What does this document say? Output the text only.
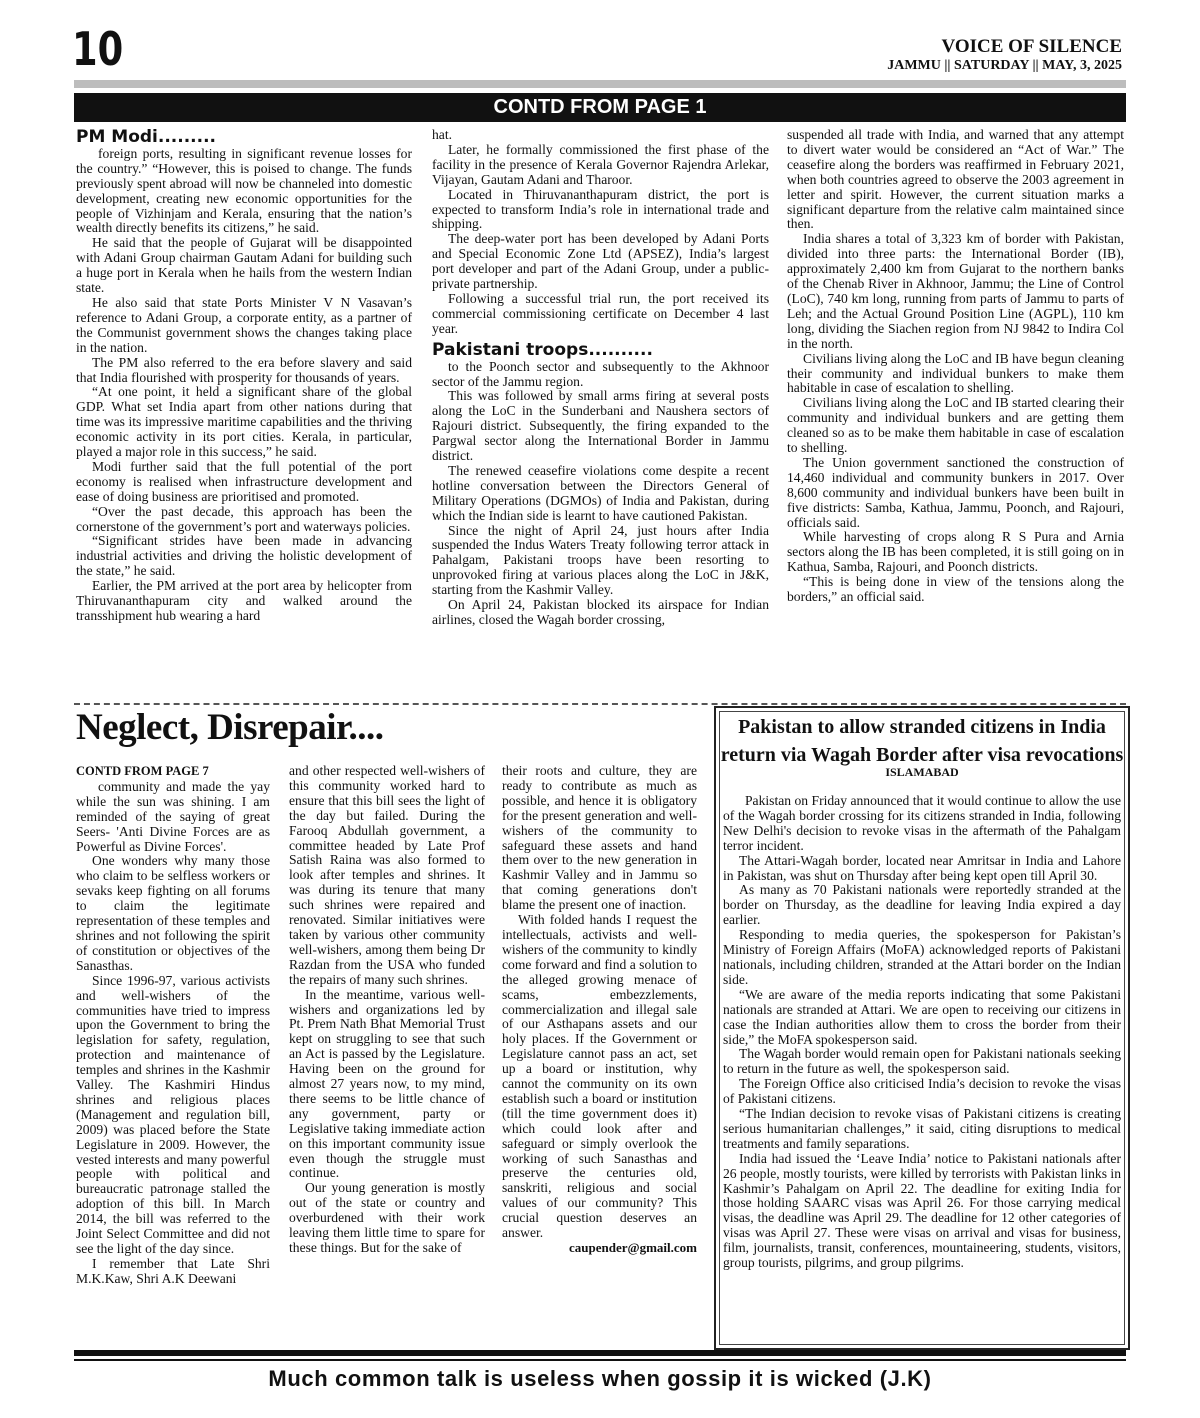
10	VOICE OF SILENCE
JAMMU || SATURDAY || MAY, 3, 2025
CONTD FROM PAGE 1
PM Modi.........

foreign ports, resulting in significant revenue losses for the country.” “However, this is poised to change. The funds previously spent abroad will now be channeled into domestic development, creating new economic opportunities for the people of Vizhinjam and Kerala, ensuring that the nation’s wealth directly benefits its citizens,” he said.

He said that the people of Gujarat will be disappointed with Adani Group chairman Gautam Adani for building such a huge port in Kerala when he hails from the western Indian state.

He also said that state Ports Minister V N Vasavan’s reference to Adani Group, a corporate entity, as a partner of the Communist government shows the changes taking place in the nation.

The PM also referred to the era before slavery and said that India flourished with prosperity for thousands of years.

“At one point, it held a significant share of the global GDP. What set India apart from other nations during that time was its impressive maritime capabilities and the thriving economic activity in its port cities. Kerala, in particular, played a major role in this success,” he said.

Modi further said that the full potential of the port economy is realised when infrastructure development and ease of doing business are prioritised and promoted.

“Over the past decade, this approach has been the cornerstone of the government’s port and waterways policies.

“Significant strides have been made in advancing industrial activities and driving the holistic development of the state,” he said.

Earlier, the PM arrived at the port area by helicopter from Thiruvananthapuram city and walked around the transshipment hub wearing a hard

hat.

Later, he formally commissioned the first phase of the facility in the presence of Kerala Governor Rajendra Arlekar, Vijayan, Gautam Adani and Tharoor.

Located in Thiruvananthapuram district, the port is expected to transform India’s role in international trade and shipping.

The deep-water port has been developed by Adani Ports and Special Economic Zone Ltd (APSEZ), India’s largest port developer and part of the Adani Group, under a public-private partnership.

Following a successful trial run, the port received its commercial commissioning certificate on December 4 last year.

Pakistani troops..........

to the Poonch sector and subsequently to the Akhnoor sector of the Jammu region.

This was followed by small arms firing at several posts along the LoC in the Sunderbani and Naushera sectors of Rajouri district. Subsequently, the firing expanded to the Pargwal sector along the International Border in Jammu district.

The renewed ceasefire violations come despite a recent hotline conversation between the Directors General of Military Operations (DGMOs) of India and Pakistan, during which the Indian side is learnt to have cautioned Pakistan.

Since the night of April 24, just hours after India suspended the Indus Waters Treaty following terror attack in Pahalgam, Pakistani troops have been resorting to unprovoked firing at various places along the LoC in J&K, starting from the Kashmir Valley.

On April 24, Pakistan blocked its airspace for Indian airlines, closed the Wagah border crossing,

suspended all trade with India, and warned that any attempt to divert water would be considered an “Act of War.” The ceasefire along the borders was reaffirmed in February 2021, when both countries agreed to observe the 2003 agreement in letter and spirit. However, the current situation marks a significant departure from the relative calm maintained since then.

India shares a total of 3,323 km of border with Pakistan, divided into three parts: the International Border (IB), approximately 2,400 km from Gujarat to the northern banks of the Chenab River in Akhnoor, Jammu; the Line of Control (LoC), 740 km long, running from parts of Jammu to parts of Leh; and the Actual Ground Position Line (AGPL), 110 km long, dividing the Siachen region from NJ 9842 to Indira Col in the north.

Civilians living along the LoC and IB have begun cleaning their community and individual bunkers to make them habitable in case of escalation to shelling.

Civilians living along the LoC and IB started clearing their community and individual bunkers and are getting them cleaned so as to be make them habitable in case of escalation to shelling.

The Union government sanctioned the construction of 14,460 individual and community bunkers in 2017. Over 8,600 community and individual bunkers have been built in five districts: Samba, Kathua, Jammu, Poonch, and Rajouri, officials said.

While harvesting of crops along R S Pura and Arnia sectors along the IB has been completed, it is still going on in Kathua, Samba, Rajouri, and Poonch districts.

“This is being done in view of the tensions along the borders,” an official said.

Neglect, Disrepair....
CONTD FROM PAGE 7

community and made the yay while the sun was shining. I am reminded of the saying of great Seers- 'Anti Divine Forces are as Powerful as Divine Forces'.

One wonders why many those who claim to be selfless workers or sevaks keep fighting on all forums to claim the legitimate representation of these temples and shrines and not following the spirit of constitution or objectives of the Sanasthas.

Since 1996-97, various activists and well-wishers of the communities have tried to impress upon the Government to bring the legislation for safety, regulation, protection and maintenance of temples and shrines in the Kashmir Valley. The Kashmiri Hindus shrines and religious places (Management and regulation bill, 2009) was placed before the State Legislature in 2009. However, the vested interests and many powerful people with political and bureaucratic patronage stalled the adoption of this bill. In March 2014, the bill was referred to the Joint Select Committee and did not see the light of the day since.

I remember that Late Shri M.K.Kaw, Shri A.K Deewani

and other respected well-wishers of this community worked hard to ensure that this bill sees the light of the day but failed. During the Farooq Abdullah government, a committee headed by Late Prof Satish Raina was also formed to look after temples and shrines. It was during its tenure that many such shrines were repaired and renovated. Similar initiatives were taken by various other community well-wishers, among them being Dr Razdan from the USA who funded the repairs of many such shrines.

In the meantime, various well-wishers and organizations led by Pt. Prem Nath Bhat Memorial Trust kept on struggling to see that such an Act is passed by the Legislature. Having been on the ground for almost 27 years now, to my mind, there seems to be little chance of any government, party or Legislative taking immediate action on this important community issue even though the struggle must continue.

Our young generation is mostly out of the state or country and overburdened with their work leaving them little time to spare for these things. But for the sake of

their roots and culture, they are ready to contribute as much as possible, and hence it is obligatory for the present generation and well-wishers of the community to safeguard these assets and hand them over to the new generation in Kashmir Valley and in Jammu so that coming generations don't blame the present one of inaction.

With folded hands I request the intellectuals, activists and well-wishers of the community to kindly come forward and find a solution to the alleged growing menace of scams, embezzlements, commercialization and illegal sale of our Asthapans assets and our holy places. If the Government or Legislature cannot pass an act, set up a board or institution, why cannot the community on its own establish such a board or institution (till the time government does it) which could look after and safeguard or simply overlook the working of such Sanasthas and preserve the centuries old, sanskriti, religious and social values of our community? This crucial question deserves an answer.

caupender@gmail.com
Pakistan to allow stranded citizens in India return via Wagah Border after visa revocations
ISLAMABAD

Pakistan on Friday announced that it would continue to allow the use of the Wagah border crossing for its citizens stranded in India, following New Delhi's decision to revoke visas in the aftermath of the Pahalgam terror incident.

The Attari-Wagah border, located near Amritsar in India and Lahore in Pakistan, was shut on Thursday after being kept open till April 30.

As many as 70 Pakistani nationals were reportedly stranded at the border on Thursday, as the deadline for leaving India expired a day earlier.

Responding to media queries, the spokesperson for Pakistan’s Ministry of Foreign Affairs (MoFA) acknowledged reports of Pakistani nationals, including children, stranded at the Attari border on the Indian side.

“We are aware of the media reports indicating that some Pakistani nationals are stranded at Attari. We are open to receiving our citizens in case the Indian authorities allow them to cross the border from their side,” the MoFA spokesperson said.

The Wagah border would remain open for Pakistani nationals seeking to return in the future as well, the spokesperson said.

The Foreign Office also criticised India’s decision to revoke the visas of Pakistani citizens.

“The Indian decision to revoke visas of Pakistani citizens is creating serious humanitarian challenges,” it said, citing disruptions to medical treatments and family separations.

India had issued the ‘Leave India’ notice to Pakistani nationals after 26 people, mostly tourists, were killed by terrorists with Pakistan links in Kashmir’s Pahalgam on April 22. The deadline for exiting India for those holding SAARC visas was April 26. For those carrying medical visas, the deadline was April 29. The deadline for 12 other categories of visas was April 27. These were visas on arrival and visas for business, film, journalists, transit, conferences, mountaineering, students, visitors, group tourists, pilgrims, and group pilgrims.

Much common talk is useless when gossip it is wicked (J.K)
